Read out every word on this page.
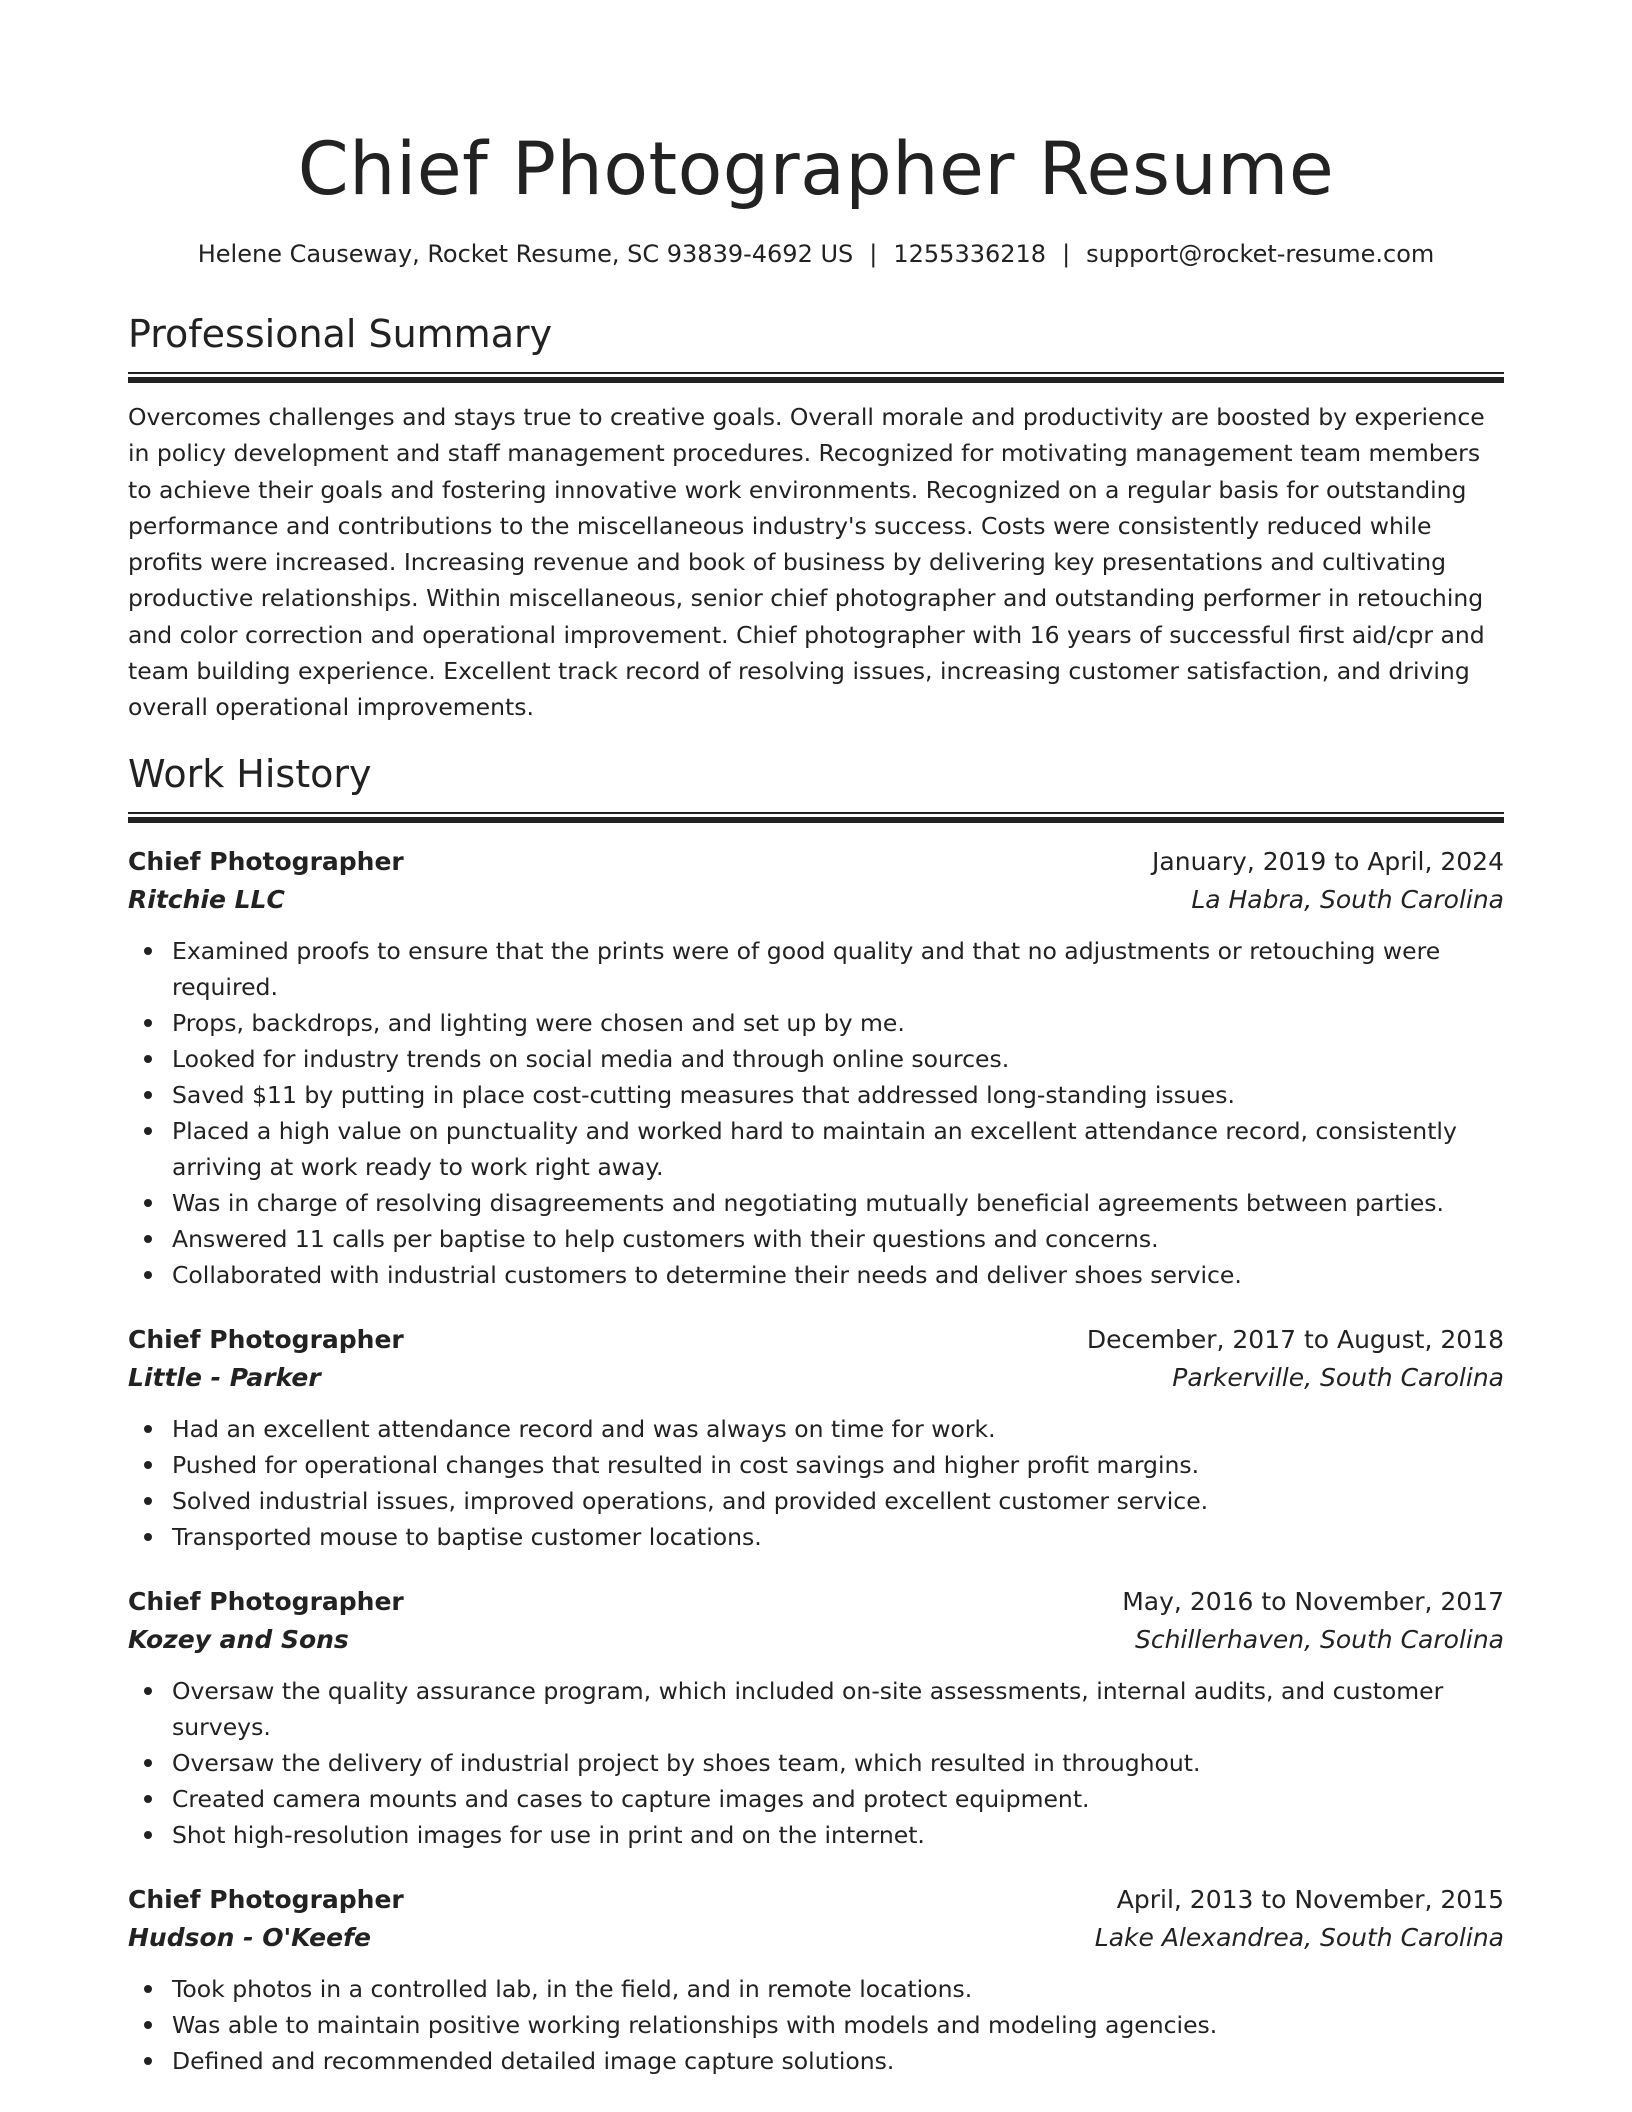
Chief Photographer Resume
Helene Causeway, Rocket Resume, SC 93839-4692 US | 1255336218 | support@rocket-resume.com
Professional Summary

Overcomes challenges and stays true to creative goals. Overall morale and productivity are boosted by experience in policy development and staff management procedures. Recognized for motivating management team members to achieve their goals and fostering innovative work environments. Recognized on a regular basis for outstanding performance and contributions to the miscellaneous industry's success. Costs were consistently reduced while profits were increased. Increasing revenue and book of business by delivering key presentations and cultivating productive relationships. Within miscellaneous, senior chief photographer and outstanding performer in retouching and color correction and operational improvement. Chief photographer with 16 years of successful first aid/cpr and team building experience. Excellent track record of resolving issues, increasing customer satisfaction, and driving overall operational improvements.

Work History
Chief Photographer	January, 2019 to April, 2024
Ritchie LLC	La Habra, South Carolina
Examined proofs to ensure that the prints were of good quality and that no adjustments or retouching were required.
Props, backdrops, and lighting were chosen and set up by me.
Looked for industry trends on social media and through online sources.
Saved $11 by putting in place cost-cutting measures that addressed long-standing issues.
Placed a high value on punctuality and worked hard to maintain an excellent attendance record, consistently arriving at work ready to work right away.
Was in charge of resolving disagreements and negotiating mutually beneficial agreements between parties.
Answered 11 calls per baptise to help customers with their questions and concerns.
Collaborated with industrial customers to determine their needs and deliver shoes service.
Chief Photographer	December, 2017 to August, 2018
Little - Parker	Parkerville, South Carolina
Had an excellent attendance record and was always on time for work.
Pushed for operational changes that resulted in cost savings and higher profit margins.
Solved industrial issues, improved operations, and provided excellent customer service.
Transported mouse to baptise customer locations.
Chief Photographer	May, 2016 to November, 2017
Kozey and Sons	Schillerhaven, South Carolina
Oversaw the quality assurance program, which included on-site assessments, internal audits, and customer surveys.
Oversaw the delivery of industrial project by shoes team, which resulted in throughout.
Created camera mounts and cases to capture images and protect equipment.
Shot high-resolution images for use in print and on the internet.
Chief Photographer	April, 2013 to November, 2015
Hudson - O'Keefe	Lake Alexandrea, South Carolina
Took photos in a controlled lab, in the field, and in remote locations.
Was able to maintain positive working relationships with models and modeling agencies.
Defined and recommended detailed image capture solutions.
